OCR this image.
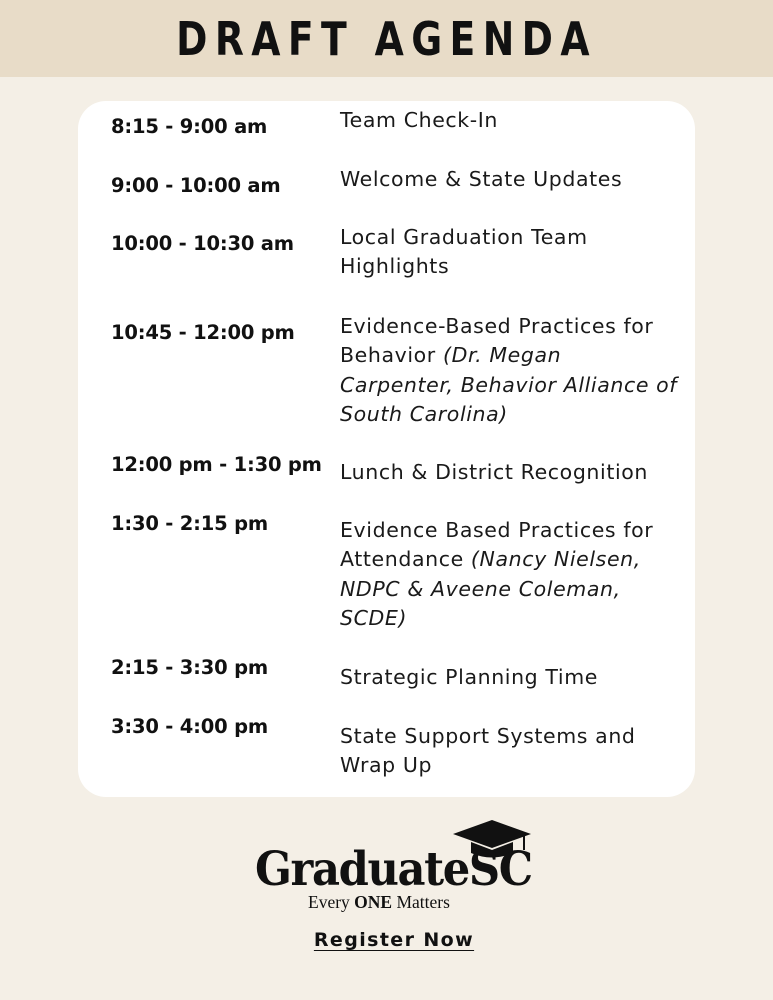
DRAFT AGENDA
8:15 - 9:00 am	Team Check-In
9:00 - 10:00 am	Welcome & State Updates
10:00 - 10:30 am Local Graduation Team Highlights
10:45 - 12:00 pm Evidence-Based Practices for Behavior (Dr. Megan Carpenter, Behavior Alliance of South Carolina)
12:00 pm - 1:30 pm Lunch & District Recognition
1:30 - 2:15 pm	Evidence Based Practices for Attendance (Nancy Nielsen, NDPC & Aveene Coleman, SCDE)
2:15 - 3:30 pm	Strategic Planning Time
3:30 - 4:00 pm	State Support Systems and Wrap Up
GraduateSC
Every ONE Matters
Register Now
